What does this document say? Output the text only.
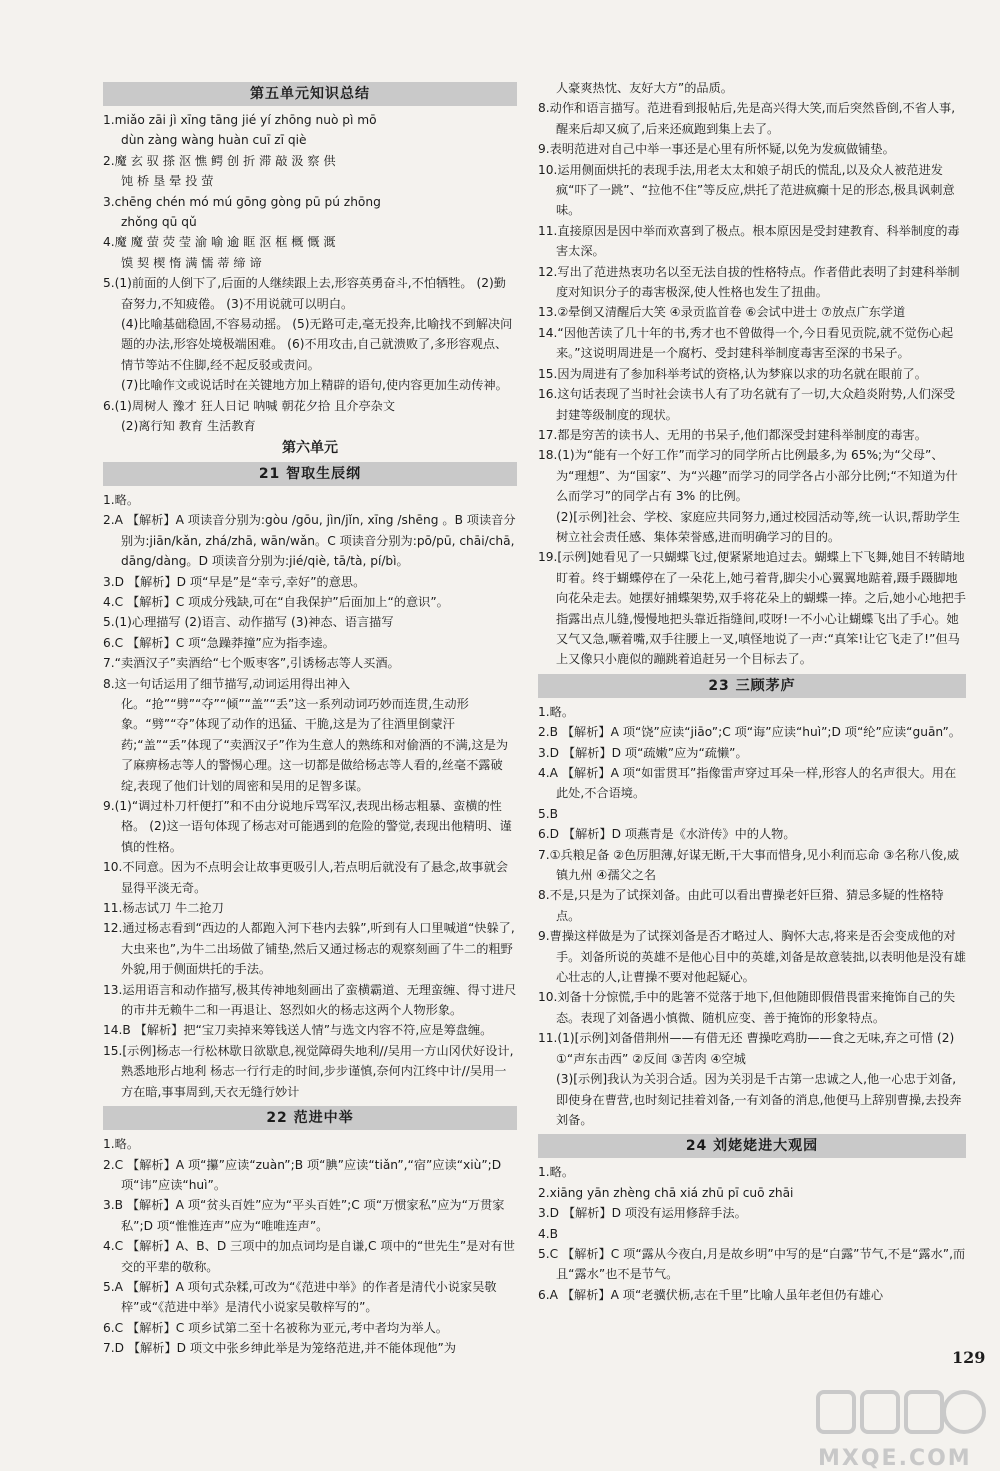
第五单元知识总结
1.miǎo zāi jì xīng tāng jié yí zhōng nuò pì mō
dùn zàng wàng huàn cuī zī qiè
2.魔 玄 驭 搽 沤 憔 鳄 创 折 滞 敲 汲 察 供
饨 桥 垦 晕 投 萤
3.chēng chén mó mú gōng gòng pū pú zhōng
zhǒng qū qǔ
4.魔 魔 萤 荧 莹 渝 喻 逾 眶 沤 框 概 慨 溉
馍 契 楔 惰 满 懦 蒂 缔 谛
5.(1)前面的人倒下了,后面的人继续跟上去,形容英勇奋斗,不怕牺牲。 (2)勤奋努力,不知疲倦。 (3)不用说就可以明白。
(4)比喻基础稳固,不容易动摇。 (5)无路可走,毫无投奔,比喻找不到解决问题的办法,形容处境极端困难。 (6)不用攻击,自己就溃败了,多形容观点、情节等站不住脚,经不起反驳或责问。
(7)比喻作文或说话时在关键地方加上精辟的语句,使内容更加生动传神。
6.(1)周树人 豫才 狂人日记 呐喊 朝花夕拾 且介亭杂文
(2)离行知 教育 生活教育
第六单元
21 智取生辰纲
1.略。
2.A 【解析】A 项读音分别为:gòu /gōu, jìn/jǐn, xīng /shēng 。B 项读音分别为:jiān/kǎn, zhá/zhā, wān/wǎn。C 项读音分别为:pō/pū, chāi/chā, dāng/dàng。D 项读音分别为:jié/qiè, tā/tà, pí/bì。
3.D 【解析】D 项“早是”是“幸亏,幸好”的意思。
4.C 【解析】C 项成分残缺,可在“自我保护”后面加上“的意识”。
5.(1)心理描写 (2)语言、动作描写 (3)神态、语言描写
6.C 【解析】C 项“急躁莽撞”应为指李逵。
7.“卖酒汉子”卖酒给“七个贩枣客”,引诱杨志等人买酒。
8.这一句话运用了细节描写,动词运用得出神入化。“抢”“劈”“夺”“倾”“盖”“丢”这一系列动词巧妙而连贯,生动形象。“劈”“夺”体现了动作的迅猛、干脆,这是为了往酒里倒蒙汗药;“盖”“丢”体现了“卖酒汉子”作为生意人的熟练和对偷酒的不满,这是为了麻痹杨志等人的警惕心理。这一切都是做给杨志等人看的,丝毫不露破绽,表现了他们计划的周密和吴用的足智多谋。
9.(1)“调过朴刀杆便打”和不由分说地斥骂军汉,表现出杨志粗暴、蛮横的性格。 (2)这一语句体现了杨志对可能遇到的危险的警觉,表现出他精明、谨慎的性格。
10.不同意。因为不点明会让故事更吸引人,若点明后就没有了悬念,故事就会显得平淡无奇。
11.杨志试刀 牛二抢刀
12.通过杨志看到“西边的人都跑入河下巷内去躲”,听到有人口里喊道“快躲了,大虫来也”,为牛二出场做了铺垫,然后又通过杨志的观察刻画了牛二的粗野外貌,用于侧面烘托的手法。
13.运用语言和动作描写,极其传神地刻画出了蛮横霸道、无理蛮缠、得寸进尺的市井无赖牛二和一再退让、怒烈如火的杨志这两个人物形象。
14.B 【解析】把“宝刀卖掉来筹钱送人情”与选文内容不符,应是筹盘缠。
15.[示例]杨志一行松林歇日欲歇息,视觉障碍失地利//吴用一方山冈伏好设计,熟悉地形占地利 杨志一行行走的时间,步步谨慎,奈何内江终中计//吴用一方在暗,事事周到,天衣无缝行妙计
22 范进中举
1.略。
2.C 【解析】A 项“攥”应读“zuàn”;B 项“腆”应读“tiǎn”,“宿”应读“xiù”;D 项“讳”应读“huì”。
3.B 【解析】A 项“贫头百姓”应为“平头百姓”;C 项“万惯家私”应为“万贯家私”;D 项“惟惟连声”应为“唯唯连声”。
4.C 【解析】A、B、D 三项中的加点词均是自谦,C 项中的“世先生”是对有世交的平辈的敬称。
5.A 【解析】A 项句式杂糅,可改为“《范进中举》的作者是清代小说家吴敬梓”或“《范进中举》是清代小说家吴敬梓写的”。
6.C 【解析】C 项乡试第二至十名被称为亚元,考中者均为举人。
7.D 【解析】D 项文中张乡绅此举是为笼络范进,并不能体现他”为
人豪爽热忱、友好大方”的品质。
8.动作和语言描写。范进看到报帖后,先是高兴得大笑,而后突然昏倒,不省人事,醒来后却又疯了,后来还疯跑到集上去了。
9.表明范进对自己中举一事还是心里有所怀疑,以免为发疯做铺垫。
10.运用侧面烘托的表现手法,用老太太和娘子胡氏的慌乱,以及众人被范进发疯“吓了一跳”、“拉他不住”等反应,烘托了范进疯癫十足的形态,极具讽刺意味。
11.直接原因是因中举而欢喜到了极点。根本原因是受封建教育、科举制度的毒害太深。
12.写出了范进热衷功名以至无法自拔的性格特点。作者借此表明了封建科举制度对知识分子的毒害极深,使人性格也发生了扭曲。
13.②晕倒又清醒后大笑 ④录贡监首卷 ⑥会试中进士 ⑦放点广东学道
14.“因他苦读了几十年的书,秀才也不曾做得一个,今日看见贡院,就不觉伤心起来。”这说明周进是一个腐朽、受封建科举制度毒害至深的书呆子。
15.因为周进有了参加科举考试的资格,认为梦寐以求的功名就在眼前了。
16.这句话表现了当时社会读书人有了功名就有了一切,大众趋炎附势,人们深受封建等级制度的现状。
17.都是穷苦的读书人、无用的书呆子,他们都深受封建科举制度的毒害。
18.(1)为“能有一个好工作”而学习的同学所占比例最多,为 65%;为“父母”、为“理想”、为“国家”、为“兴趣”而学习的同学各占小部分比例;“不知道为什么而学习”的同学占有 3% 的比例。
(2)[示例]社会、学校、家庭应共同努力,通过校园活动等,统一认识,帮助学生树立社会责任感、集体荣誉感,进而明确学习的目的。
19.[示例]她看见了一只蝴蝶飞过,便紧紧地追过去。蝴蝶上下飞舞,她目不转睛地盯着。终于蝴蝶停在了一朵花上,她弓着背,脚尖小心翼翼地踮着,蹑手蹑脚地向花朵走去。她摆好捕蝶架势,双手将花朵上的蝴蝶一捧。之后,她小心地把手指露出点儿缝,慢慢地把头靠近指缝间,哎呀!一不小心让蝴蝶飞出了手心。她又气又急,噘着嘴,双手往腰上一叉,嗔怪地说了一声:“真笨!让它飞走了!”但马上又像只小鹿似的蹦跳着追赶另一个目标去了。
23 三顾茅庐
1.略。
2.B 【解析】A 项“饶”应读“jiāo”;C 项“诲”应读“huì”;D 项“纶”应读“guān”。
3.D 【解析】D 项“疏嫩”应为“疏懒”。
4.A 【解析】A 项“如雷贯耳”指像雷声穿过耳朵一样,形容人的名声很大。用在此处,不合语境。
5.B
6.D 【解析】D 项燕青是《水浒传》中的人物。
7.①兵粮足备 ②色厉胆薄,好谋无断,干大事而惜身,见小利而忘命 ③名称八俊,威镇九州 ④孺父之名
8.不是,只是为了试探刘备。由此可以看出曹操老奸巨猾、猜忌多疑的性格特点。
9.曹操这样做是为了试探刘备是否才略过人、胸怀大志,将来是否会变成他的对手。刘备所说的英雄不是他心目中的英雄,刘备是故意装拙,以表明他是没有雄心壮志的人,让曹操不要对他起疑心。
10.刘备十分惊慌,手中的匙箸不觉落于地下,但他随即假借畏雷来掩饰自己的失态。表现了刘备遇小慎微、随机应变、善于掩饰的形象特点。
11.(1)[示例]刘备借荆州——有借无还 曹操吃鸡肋——食之无味,弃之可惜 (2)①“声东击西” ②反间 ③苦肉 ④空城
(3)[示例]我认为关羽合适。因为关羽是千古第一忠诚之人,他一心忠于刘备,即使身在曹营,也时刻记挂着刘备,一有刘备的消息,他便马上辞别曹操,去投奔刘备。
24 刘姥姥进大观园
1.略。
2.xiāng yān zhèng chā xiá zhū pī cuō zhāi
3.D 【解析】D 项没有运用修辞手法。
4.B
5.C 【解析】C 项“露从今夜白,月是故乡明”中写的是“白露”节气,不是“露水”,而且“露水”也不是节气。
6.A 【解析】A 项“老骥伏枥,志在千里”比喻人虽年老但仍有雄心
129
MXQE.COM
